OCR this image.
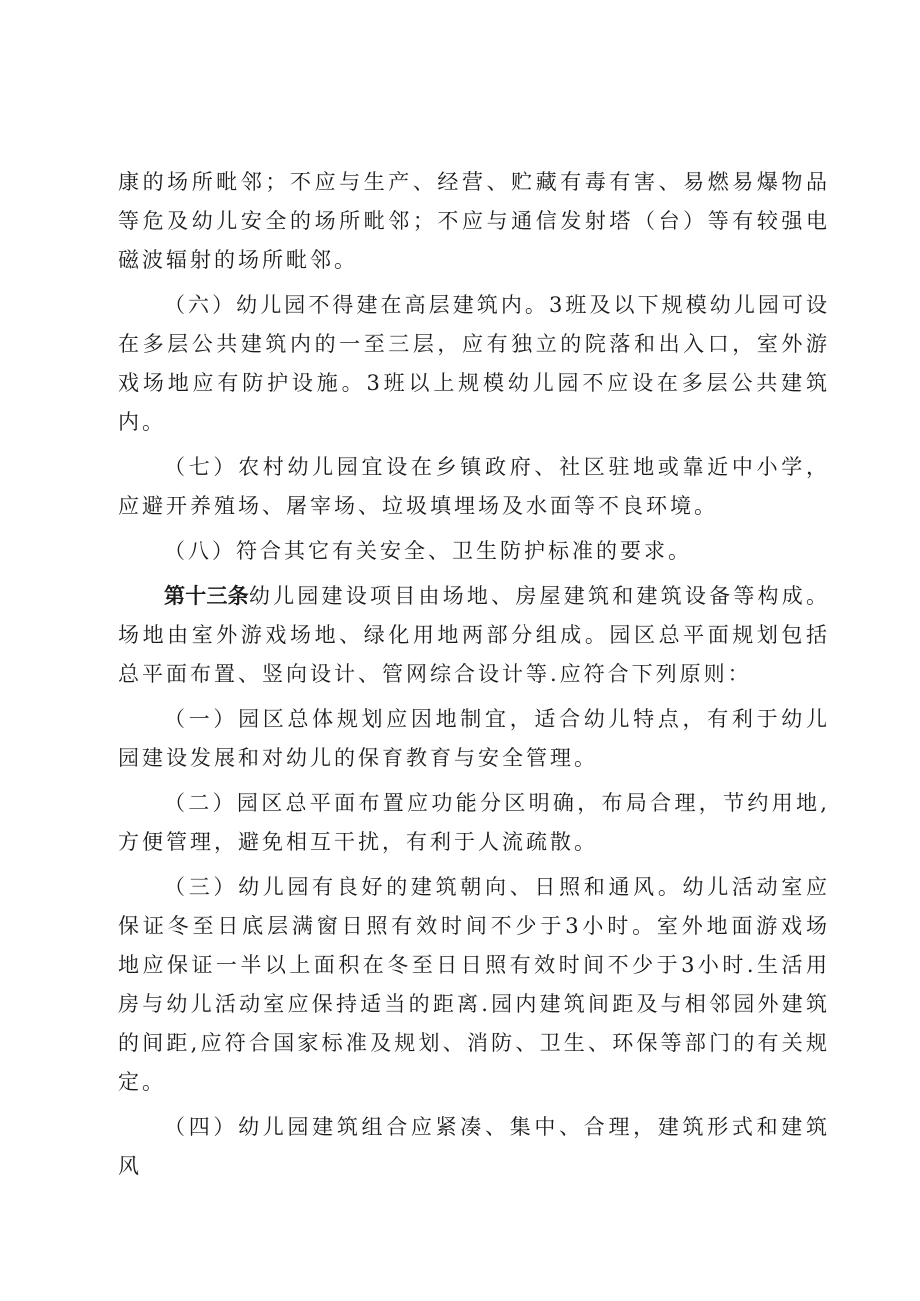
康的场所毗邻；不应与生产、经营、贮藏有毒有害、易燃易爆物品等危及幼儿安全的场所毗邻；不应与通信发射塔（台）等有较强电磁波辐射的场所毗邻。

（六）幼儿园不得建在高层建筑内。3班及以下规模幼儿园可设在多层公共建筑内的一至三层，应有独立的院落和出入口，室外游戏场地应有防护设施。3班以上规模幼儿园不应设在多层公共建筑内。

（七）农村幼儿园宜设在乡镇政府、社区驻地或靠近中小学，应避开养殖场、屠宰场、垃圾填埋场及水面等不良环境。

（八）符合其它有关安全、卫生防护标准的要求。

第十三条幼儿园建设项目由场地、房屋建筑和建筑设备等构成。场地由室外游戏场地、绿化用地两部分组成。园区总平面规划包括总平面布置、竖向设计、管网综合设计等.应符合下列原则：

（一）园区总体规划应因地制宜，适合幼儿特点，有利于幼儿园建设发展和对幼儿的保育教育与安全管理。

（二）园区总平面布置应功能分区明确，布局合理，节约用地,方便管理，避免相互干扰，有利于人流疏散。

（三）幼儿园有良好的建筑朝向、日照和通风。幼儿活动室应保证冬至日底层满窗日照有效时间不少于3小时。室外地面游戏场地应保证一半以上面积在冬至日日照有效时间不少于3小时.生活用房与幼儿活动室应保持适当的距离.园内建筑间距及与相邻园外建筑的间距,应符合国家标准及规划、消防、卫生、环保等部门的有关规定。

（四）幼儿园建筑组合应紧凑、集中、合理，建筑形式和建筑风
